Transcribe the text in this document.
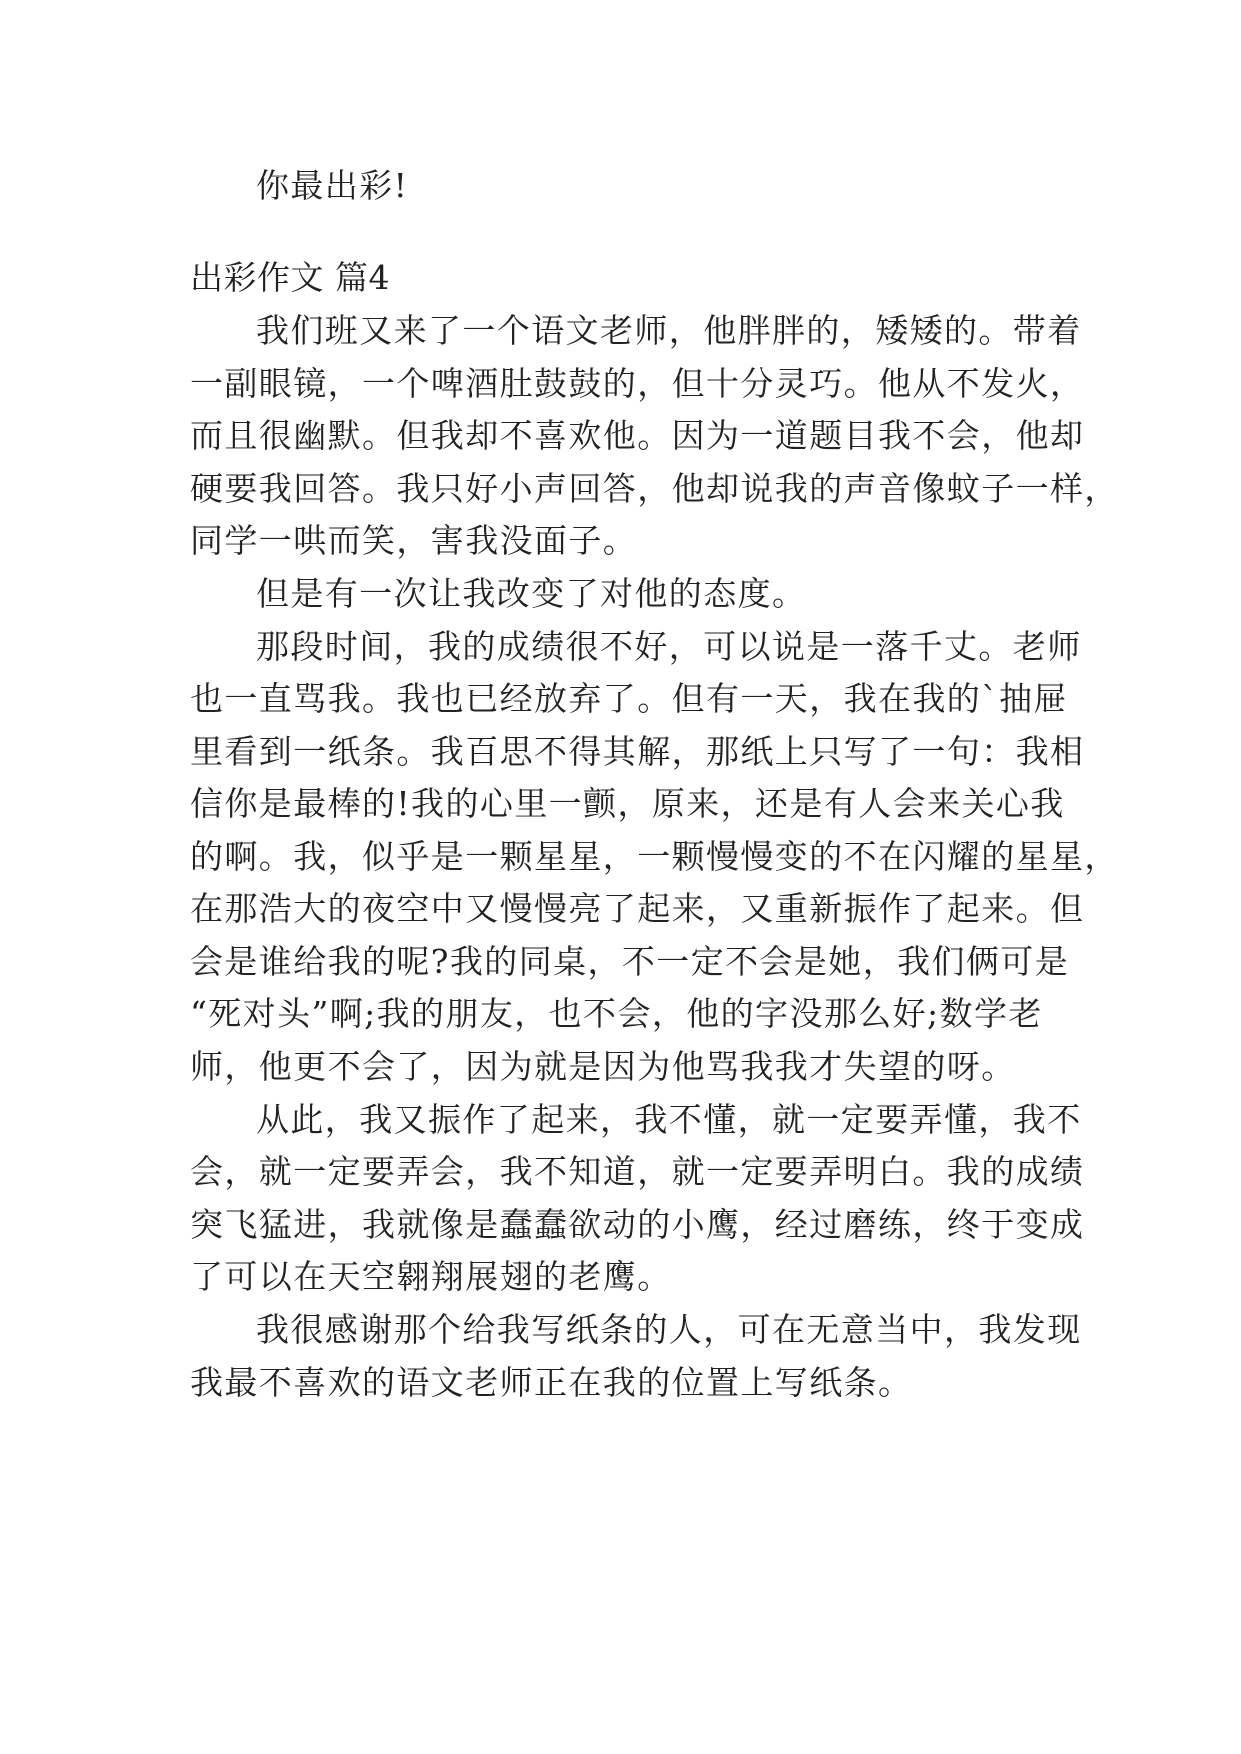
你最出彩!
出彩作文 篇4
我们班又来了一个语文老师，他胖胖的，矮矮的。带着
一副眼镜，一个啤酒肚鼓鼓的，但十分灵巧。他从不发火，
而且很幽默。但我却不喜欢他。因为一道题目我不会，他却
硬要我回答。我只好小声回答，他却说我的声音像蚊子一样，
同学一哄而笑，害我没面子。
但是有一次让我改变了对他的态度。
那段时间，我的成绩很不好，可以说是一落千丈。老师
也一直骂我。我也已经放弃了。但有一天，我在我的`抽屉
里看到一纸条。我百思不得其解，那纸上只写了一句：我相
信你是最棒的!我的心里一颤，原来，还是有人会来关心我
的啊。我，似乎是一颗星星，一颗慢慢变的不在闪耀的星星，
在那浩大的夜空中又慢慢亮了起来，又重新振作了起来。但
会是谁给我的呢?我的同桌，不一定不会是她，我们俩可是
“死对头”啊;我的朋友，也不会，他的字没那么好;数学老
师，他更不会了，因为就是因为他骂我我才失望的呀。
从此，我又振作了起来，我不懂，就一定要弄懂，我不
会，就一定要弄会，我不知道，就一定要弄明白。我的成绩
突飞猛进，我就像是蠢蠢欲动的小鹰，经过磨练，终于变成
了可以在天空翱翔展翅的老鹰。
我很感谢那个给我写纸条的人，可在无意当中，我发现
我最不喜欢的语文老师正在我的位置上写纸条。
